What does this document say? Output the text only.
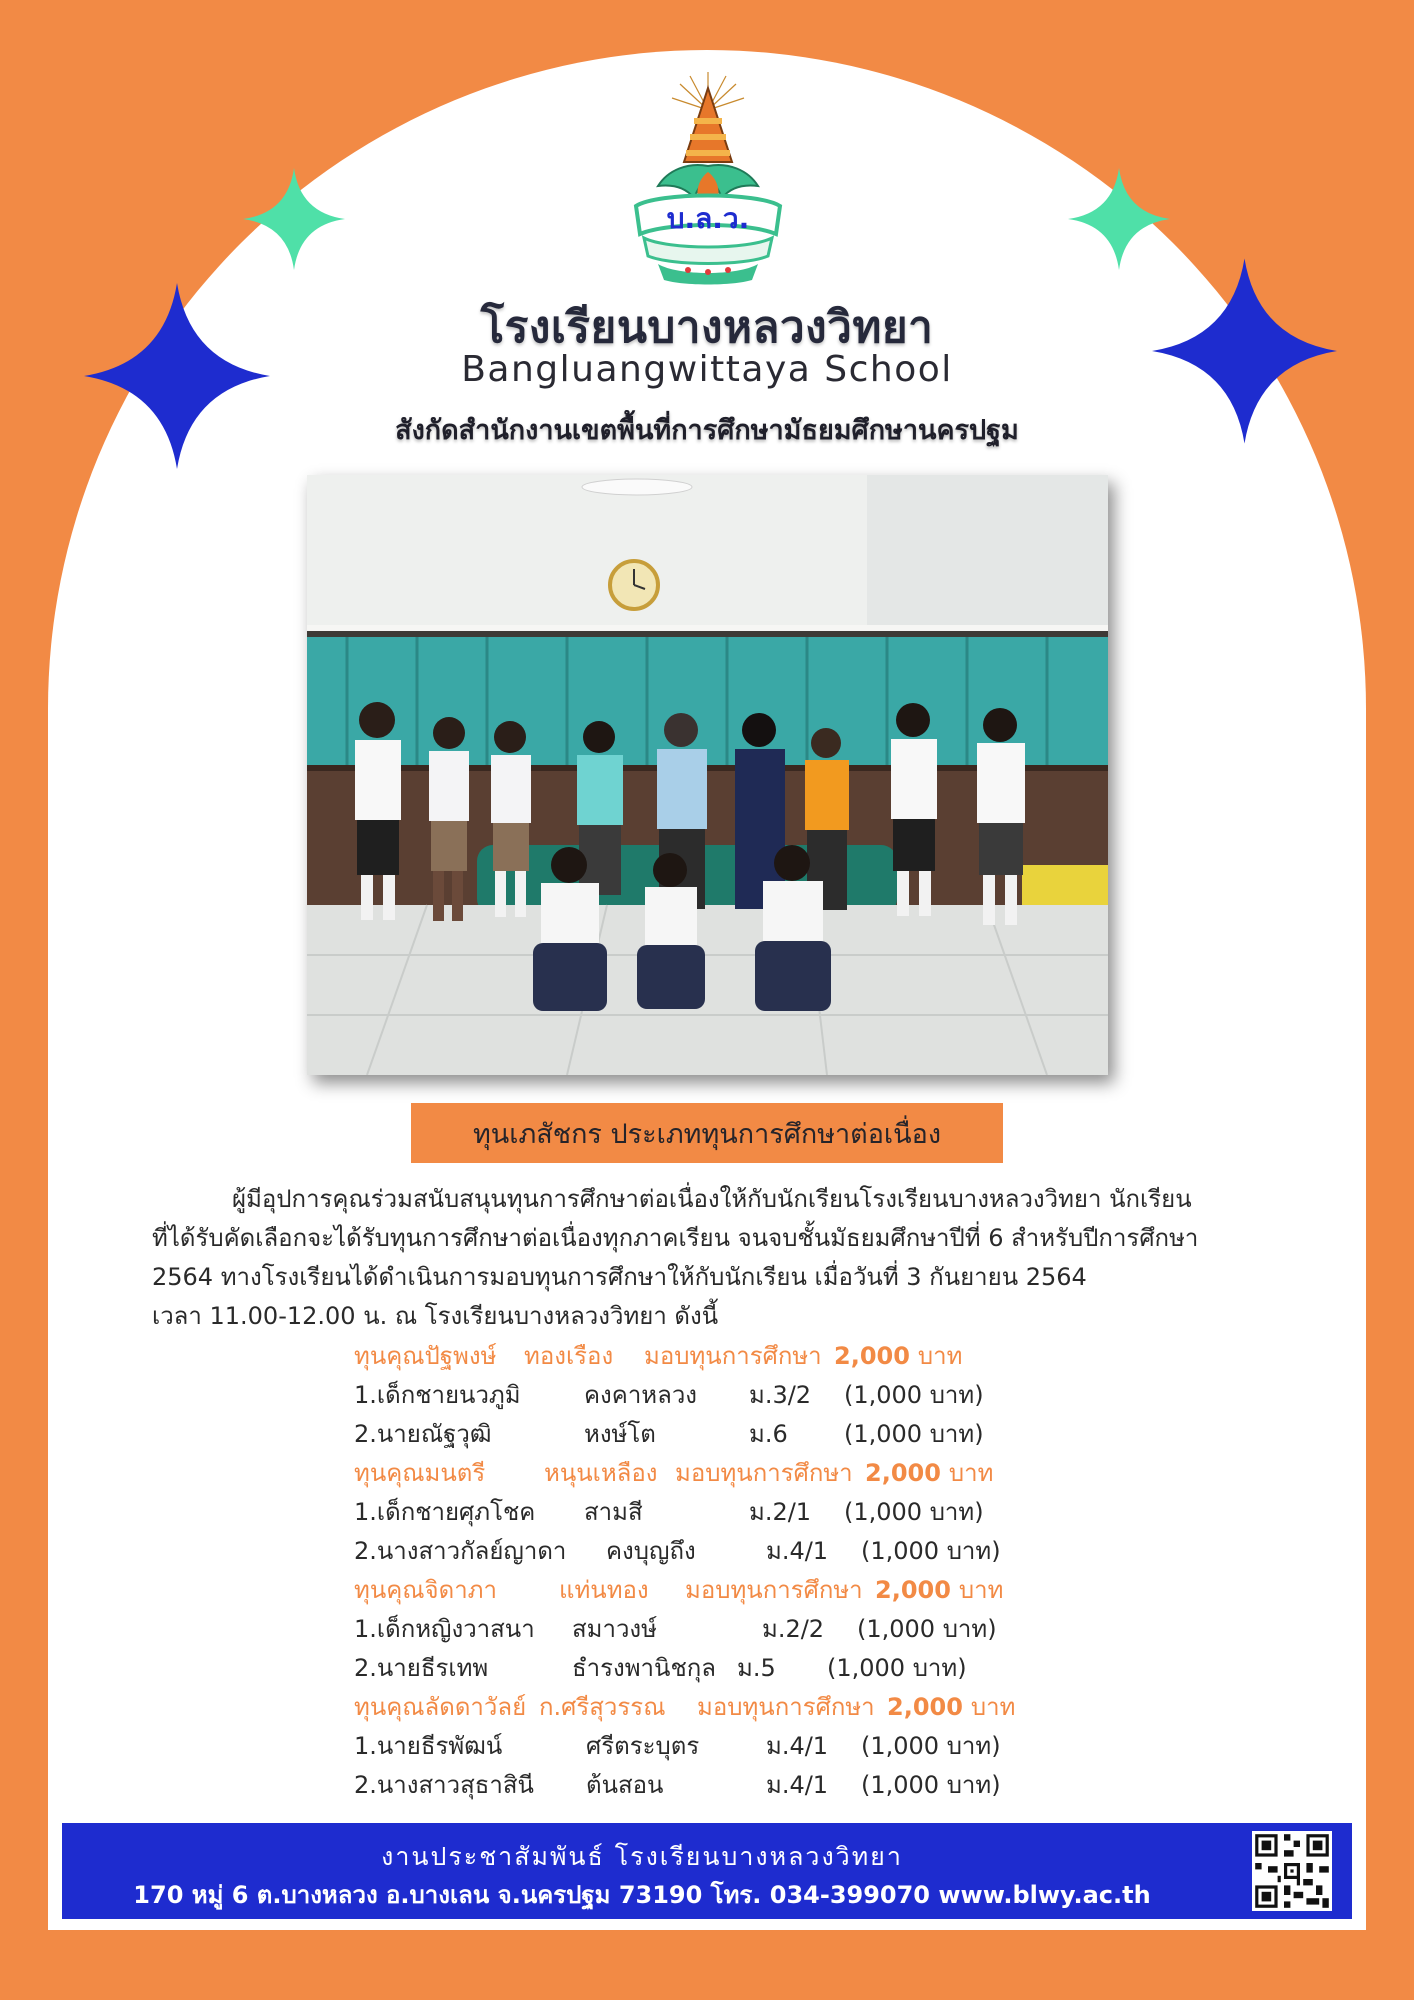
บ.ล.ว.
โรงเรียนบางหลวงวิทยา
Bangluangwittaya School
สังกัดสำนักงานเขตพื้นที่การศึกษามัธยมศึกษานครปฐม
ทุนเภสัชกร ประเภททุนการศึกษาต่อเนื่อง

ผู้มีอุปการคุณร่วมสนับสนุนทุนการศึกษาต่อเนื่องให้กับนักเรียนโรงเรียนบางหลวงวิทยา นักเรียน

ที่ได้รับคัดเลือกจะได้รับทุนการศึกษาต่อเนื่องทุกภาคเรียน จนจบชั้นมัธยมศึกษาปีที่ 6 สำหรับปีการศึกษา

2564 ทางโรงเรียนได้ดำเนินการมอบทุนการศึกษาให้กับนักเรียน เมื่อวันที่ 3 กันยายน 2564

เวลา 11.00-12.00 น. ณ โรงเรียนบางหลวงวิทยา ดังนี้

ทุนคุณปัฐพงษ์	ทองเรือง	มอบทุนการศึกษา 2,000 บาท
1.เด็กชายนวภูมิ	คงคาหลวง	ม.3/2	(1,000 บาท)
2.นายณัฐวุฒิ	หงษ์โต	ม.6	(1,000 บาท)
ทุนคุณมนตรี	หนุนเหลือง มอบทุนการศึกษา 2,000 บาท
1.เด็กชายศุภโชค	สามสี	ม.2/1	(1,000 บาท)
2.นางสาวกัลย์ญาดา	คงบุญถึง	ม.4/1	(1,000 บาท)
ทุนคุณจิดาภา	แท่นทอง	มอบทุนการศึกษา 2,000 บาท
1.เด็กหญิงวาสนา	สมาวงษ์	ม.2/2	(1,000 บาท)
2.นายธีรเทพ	ธำรงพานิชกุล ม.5	(1,000 บาท)
ทุนคุณลัดดาวัลย์ ก.ศรีสุวรรณ	มอบทุนการศึกษา 2,000 บาท
1.นายธีรพัฒน์	ศรีตระบุตร	ม.4/1	(1,000 บาท)
2.นางสาวสุธาสินี	ต้นสอน	ม.4/1	(1,000 บาท)
งานประชาสัมพันธ์ โรงเรียนบางหลวงวิทยา
170 หมู่ 6 ต.บางหลวง อ.บางเลน จ.นครปฐม 73190 โทร. 034-399070 www.blwy.ac.th
